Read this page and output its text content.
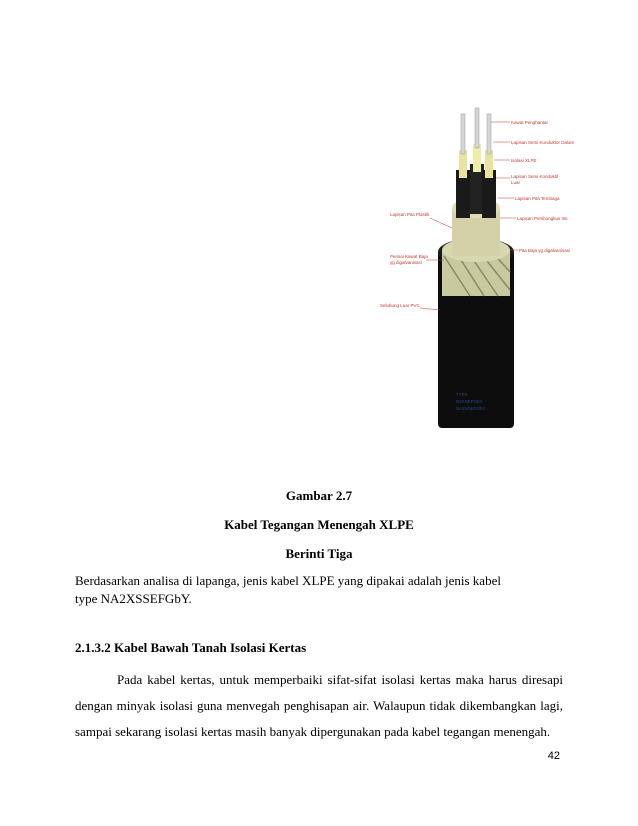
Kawat Penghantar
Lapisan Semi Konduktor Dalam
Isolasi XLPE
Lapisan Semi Konduktif
Luar
Lapisan Pita Tembaga
Lapisan Pembungkus Inti
Pita Baja yg digalvanisasi
Lapisan Pita Plastik
Perisai Kawat Baja
yg digalvanisasi
Selubung Luar PVC
TYPE
N2XSEFGbY
NA2XSEFGbY
Gambar 2.7
Kabel Tegangan Menengah XLPE
Berinti Tiga
Berdasarkan analisa di lapanga, jenis kabel XLPE yang dipakai adalah jenis kabel type NA2XSSEFGbY.
2.1.3.2 Kabel Bawah Tanah Isolasi Kertas
Pada kabel kertas, untuk memperbaiki sifat-sifat isolasi kertas maka harus diresapi dengan minyak isolasi guna menvegah penghisapan air. Walaupun tidak dikembangkan lagi, sampai sekarang isolasi kertas masih banyak dipergunakan pada kabel tegangan menengah.
42
